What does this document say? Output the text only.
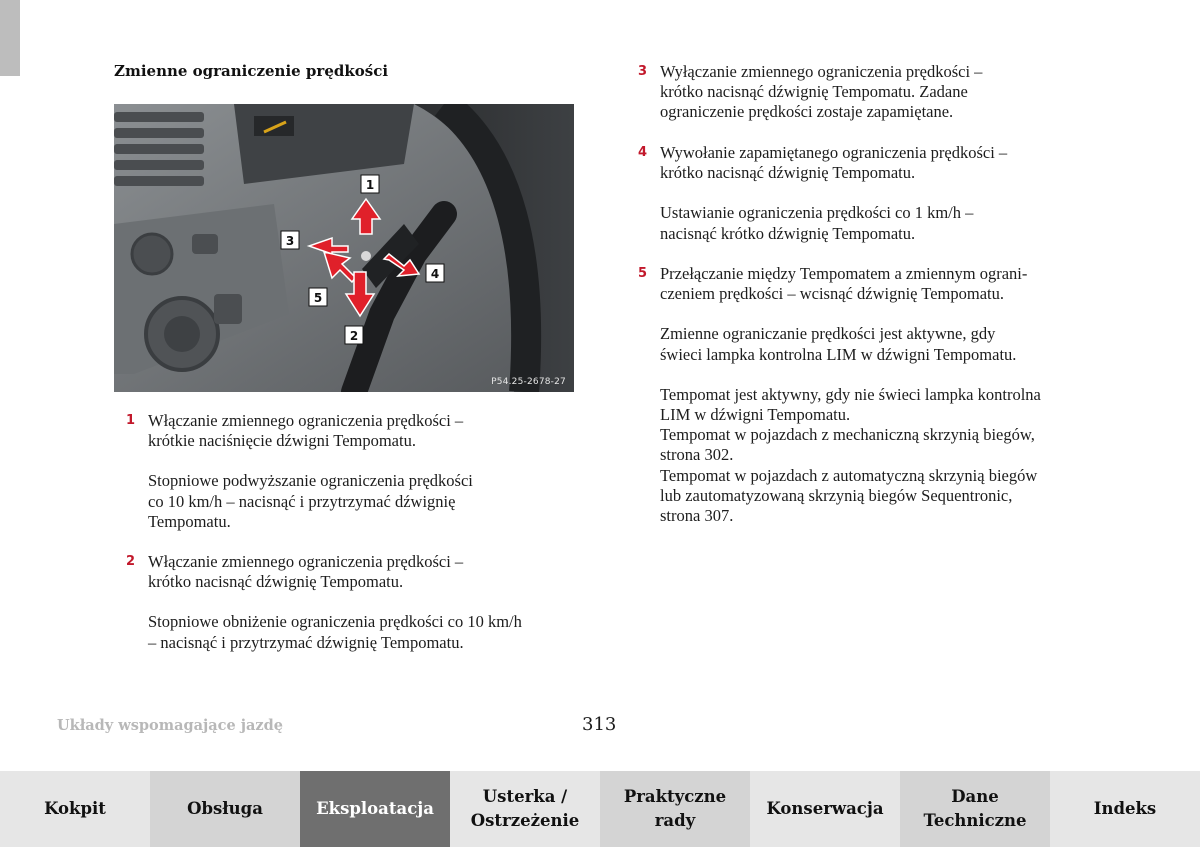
Zmienne ograniczenie prędkości
1
2
3
4
5
P54.25-2678-27
1 Włączanie zmiennego ograniczenia prędkości –

krótkie naciśnięcie dźwigni Tempomatu.

Stopniowe podwyższanie ograniczenia prędkości

co 10 km/h – nacisnąć i przytrzymać dźwignię

Tempomatu.

2 Włączanie zmiennego ograniczenia prędkości –

krótko nacisnąć dźwignię Tempomatu.

Stopniowe obniżenie ograniczenia prędkości co 10 km/h

– nacisnąć i przytrzymać dźwignię Tempomatu.

3 Wyłączanie zmiennego ograniczenia prędkości –

krótko nacisnąć dźwignię Tempomatu. Zadane

ograniczenie prędkości zostaje zapamiętane.

4 Wywołanie zapamiętanego ograniczenia prędkości –

krótko nacisnąć dźwignię Tempomatu.

Ustawianie ograniczenia prędkości co 1 km/h –

nacisnąć krótko dźwignię Tempomatu.

5 Przełączanie między Tempomatem a zmiennym ograni-

czeniem prędkości – wcisnąć dźwignię Tempomatu.

Zmienne ograniczanie prędkości jest aktywne, gdy

świeci lampka kontrolna LIM w dźwigni Tempomatu.

Tempomat jest aktywny, gdy nie świeci lampka kontrolna

LIM w dźwigni Tempomatu.

Tempomat w pojazdach z mechaniczną skrzynią biegów,

strona 302.

Tempomat w pojazdach z automatyczną skrzynią biegów

lub zautomatyzowaną skrzynią biegów Sequentronic,

strona 307.

Układy wspomagające jazdę	313
Kokpit	Obsługa	Eksploatacja
Usterka /
Ostrzeżenie
Praktyczne
rady
Konserwacja
Dane
Techniczne
Indeks
